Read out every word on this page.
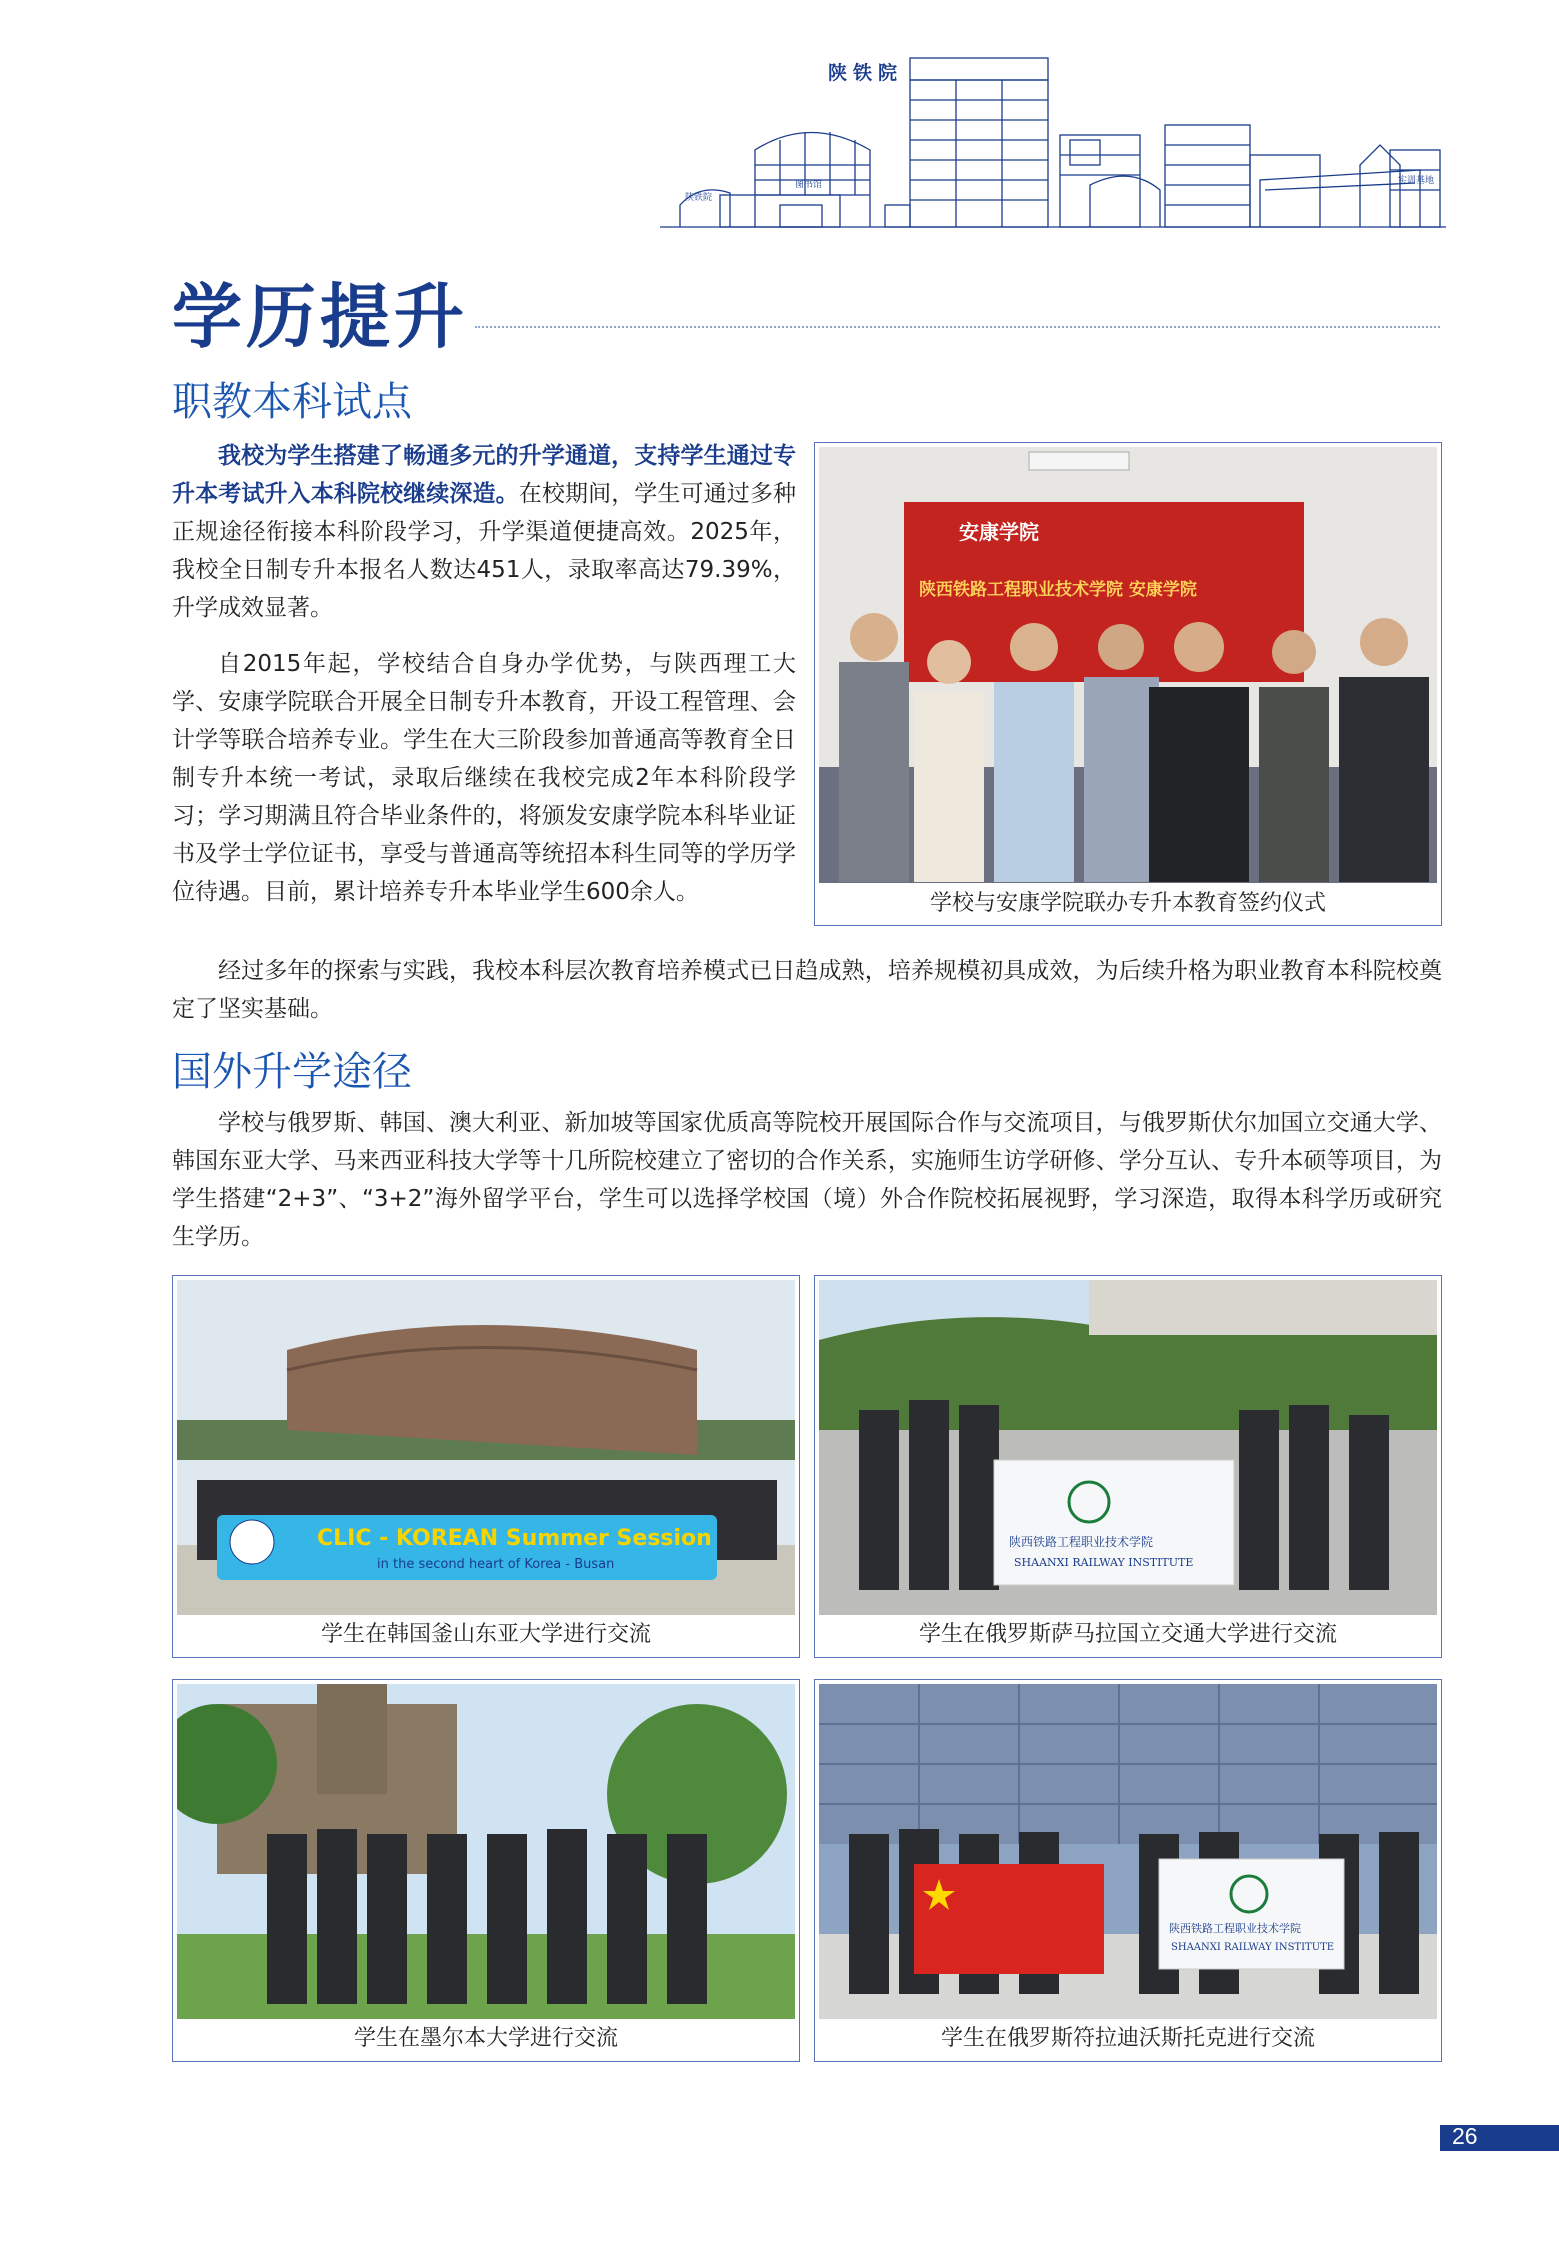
陕铁院
图书馆	实训基地
陕铁院
学历提升
职教本科试点

我校为学生搭建了畅通多元的升学通道，支持学生通过专升本考试升入本科院校继续深造。在校期间，学生可通过多种正规途径衔接本科阶段学习，升学渠道便捷高效。2025年，我校全日制专升本报名人数达451人，录取率高达79.39%，升学成效显著。

自2015年起，学校结合自身办学优势，与陕西理工大学、安康学院联合开展全日制专升本教育，开设工程管理、会计学等联合培养专业。学生在大三阶段参加普通高等教育全日制专升本统一考试，录取后继续在我校完成2年本科阶段学习；学习期满且符合毕业条件的，将颁发安康学院本科毕业证书及学士学位证书，享受与普通高等统招本科生同等的学历学位待遇。目前，累计培养专升本毕业学生600余人。

安康学院
陕西铁路工程职业技术学院 安康学院
学校与安康学院联办专升本教育签约仪式

经过多年的探索与实践，我校本科层次教育培养模式已日趋成熟，培养规模初具成效，为后续升格为职业教育本科院校奠定了坚实基础。

国外升学途径

学校与俄罗斯、韩国、澳大利亚、新加坡等国家优质高等院校开展国际合作与交流项目，与俄罗斯伏尔加国立交通大学、韩国东亚大学、马来西亚科技大学等十几所院校建立了密切的合作关系，实施师生访学研修、学分互认、专升本硕等项目，为学生搭建“2+3”、“3+2”海外留学平台，学生可以选择学校国（境）外合作院校拓展视野，学习深造，取得本科学历或研究生学历。

CLIC - KOREAN Summer Session
in the second heart of Korea - Busan
学生在韩国釜山东亚大学进行交流
陕西铁路工程职业技术学院
SHAANXI RAILWAY INSTITUTE
学生在俄罗斯萨马拉国立交通大学进行交流
学生在墨尔本大学进行交流
陕西铁路工程职业技术学院
SHAANXI RAILWAY INSTITUTE
学生在俄罗斯符拉迪沃斯托克进行交流
26
